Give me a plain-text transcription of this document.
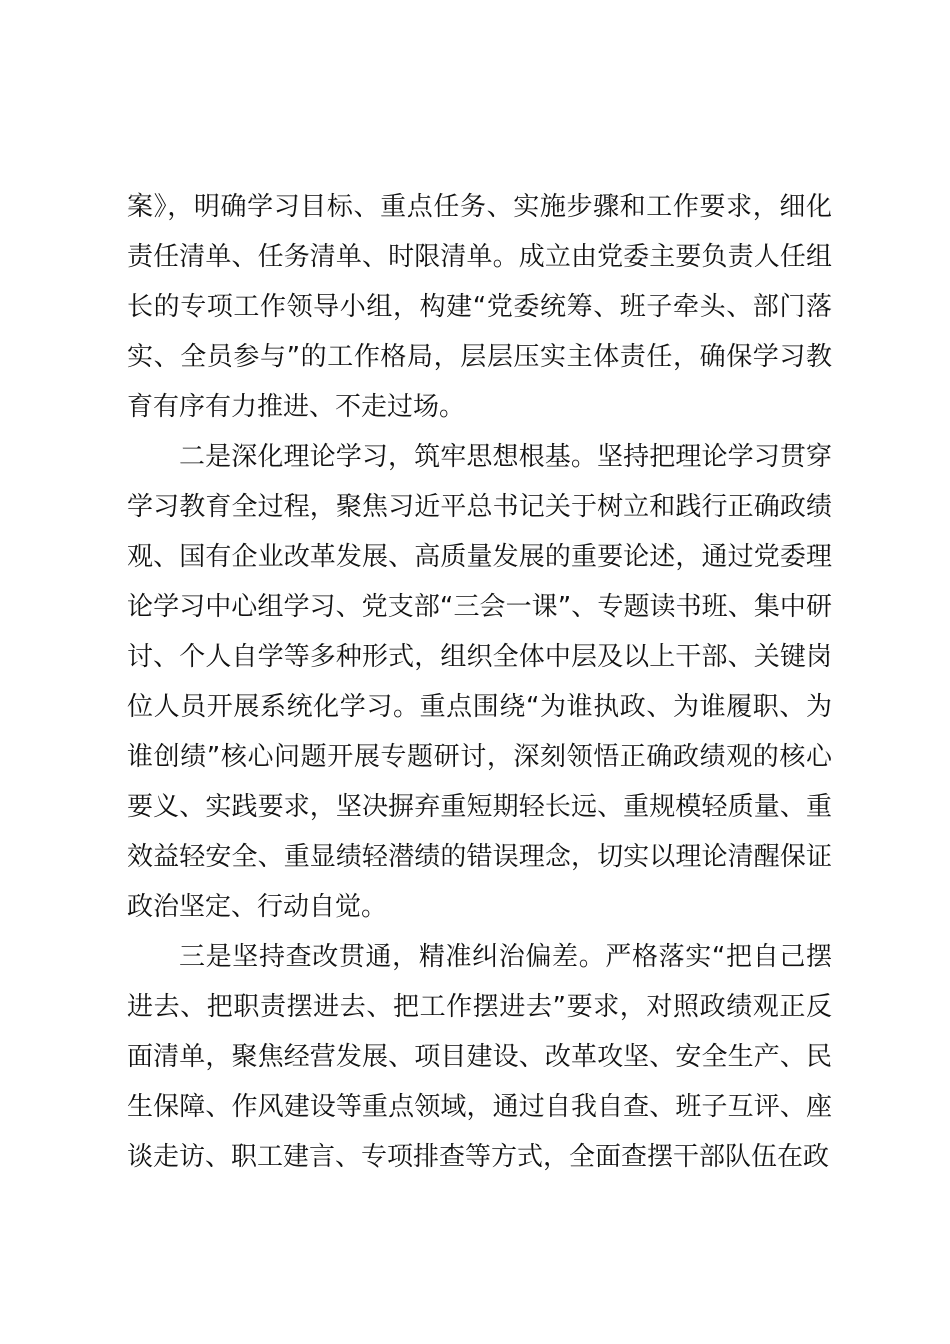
案》，明确学习目标、重点任务、实施步骤和工作要求，细化责任清单、任务清单、时限清单。成立由党委主要负责人任组长的专项工作领导小组，构建“党委统筹、班子牵头、部门落实、全员参与”的工作格局，层层压实主体责任，确保学习教育有序有力推进、不走过场。

二是深化理论学习，筑牢思想根基。坚持把理论学习贯穿学习教育全过程，聚焦习近平总书记关于树立和践行正确政绩观、国有企业改革发展、高质量发展的重要论述，通过党委理论学习中心组学习、党支部“三会一课”、专题读书班、集中研讨、个人自学等多种形式，组织全体中层及以上干部、关键岗位人员开展系统化学习。重点围绕“为谁执政、为谁履职、为谁创绩”核心问题开展专题研讨，深刻领悟正确政绩观的核心要义、实践要求，坚决摒弃重短期轻长远、重规模轻质量、重效益轻安全、重显绩轻潜绩的错误理念，切实以理论清醒保证政治坚定、行动自觉。

三是坚持查改贯通，精准纠治偏差。严格落实“把自己摆进去、把职责摆进去、把工作摆进去”要求，对照政绩观正反面清单，聚焦经营发展、项目建设、改革攻坚、安全生产、民生保障、作风建设等重点领域，通过自我自查、班子互评、座谈走访、职工建言、专项排查等方式，全面查摆干部队伍在政
